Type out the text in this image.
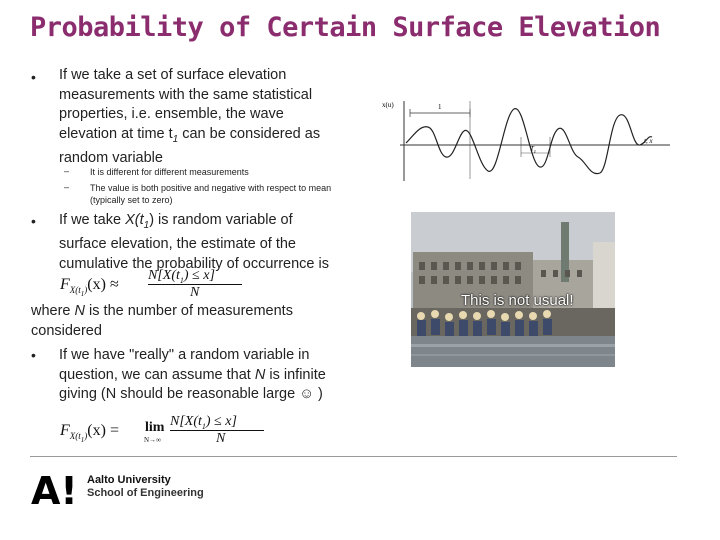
Probability of Certain Surface Elevation
• If we take a set of surface elevation
measurements with the same statistical
properties, i.e. ensemble, the wave
elevation at time $t_1$ can be considered as
random variable
– It is different for different measurements
– The value is both positive and negative with respect to mean
(typically set to zero)
• If we take $X(t_1)$ is random variable of
surface elevation, the estimate of the
cumulative the probability of occurrence is
$F_{X(t_1)}(x)$ ≈
$N[X(t_1) \le x]$
N
where N is the number of measurements
considered
• If we have "really" a random variable in
question, we can assume that N is infinite
giving (N should be reasonable large ☺ )
$F_{X(t_1)}(x) = \lim$
N→∞
$N[X(t_1) \le x]$
N
x(u)
t, x
1
$T_z$
This is not usual!
A! Aalto University
School of Engineering
